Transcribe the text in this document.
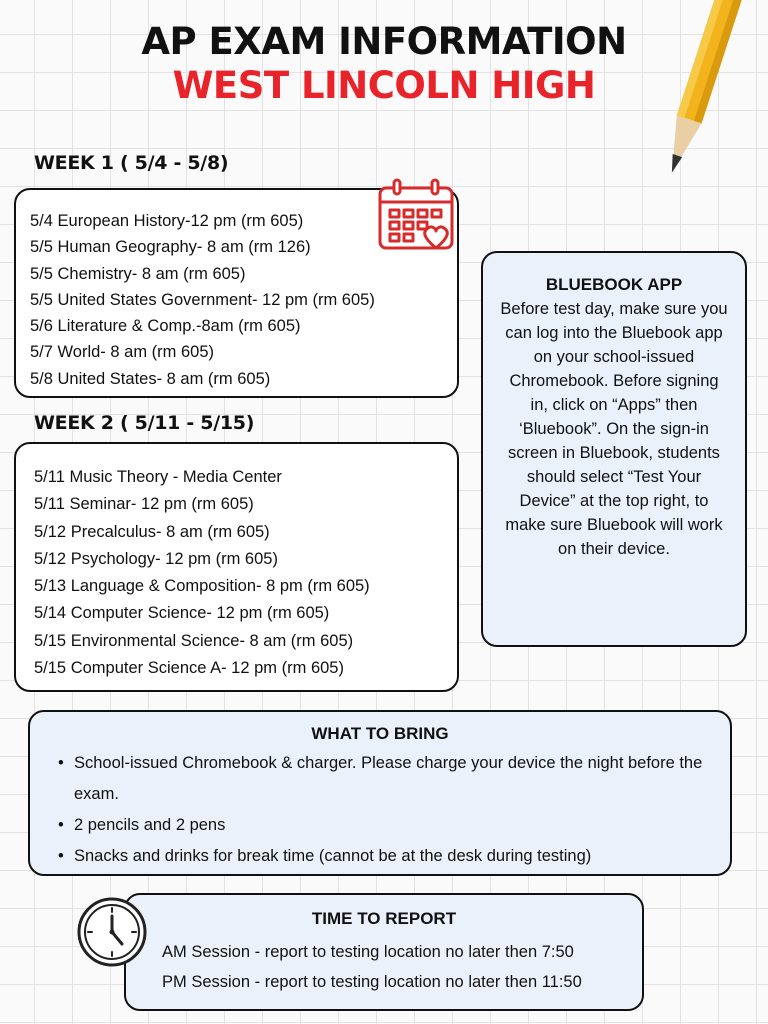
AP EXAM INFORMATION
WEST LINCOLN HIGH
WEEK 1 ( 5/4 - 5/8)
5/4 European History-12 pm (rm 605)
5/5 Human Geography- 8 am (rm 126)
5/5 Chemistry- 8 am (rm 605)
5/5 United States Government- 12 pm (rm 605)
5/6 Literature & Comp.-8am (rm 605)
5/7 World- 8 am (rm 605)
5/8 United States- 8 am (rm 605)
WEEK 2 ( 5/11 - 5/15)
5/11 Music Theory - Media Center
5/11 Seminar- 12 pm (rm 605)
5/12 Precalculus- 8 am (rm 605)
5/12 Psychology- 12 pm (rm 605)
5/13 Language & Composition- 8 pm (rm 605)
5/14 Computer Science- 12 pm (rm 605)
5/15 Environmental Science- 8 am (rm 605)
5/15 Computer Science A- 12 pm (rm 605)
BLUEBOOK APP
Before test day, make sure you can log into the Bluebook app on your school-issued Chromebook. Before signing in, click on “Apps” then ‘Bluebook”. On the sign-in screen in Bluebook, students should select “Test Your Device” at the top right, to make sure Bluebook will work on their device.
WHAT TO BRING
• School-issued Chromebook & charger. Please charge your device the night before the exam.
• 2 pencils and 2 pens
• Snacks and drinks for break time (cannot be at the desk during testing)
TIME TO REPORT
AM Session - report to testing location no later then 7:50
PM Session - report to testing location no later then 11:50
